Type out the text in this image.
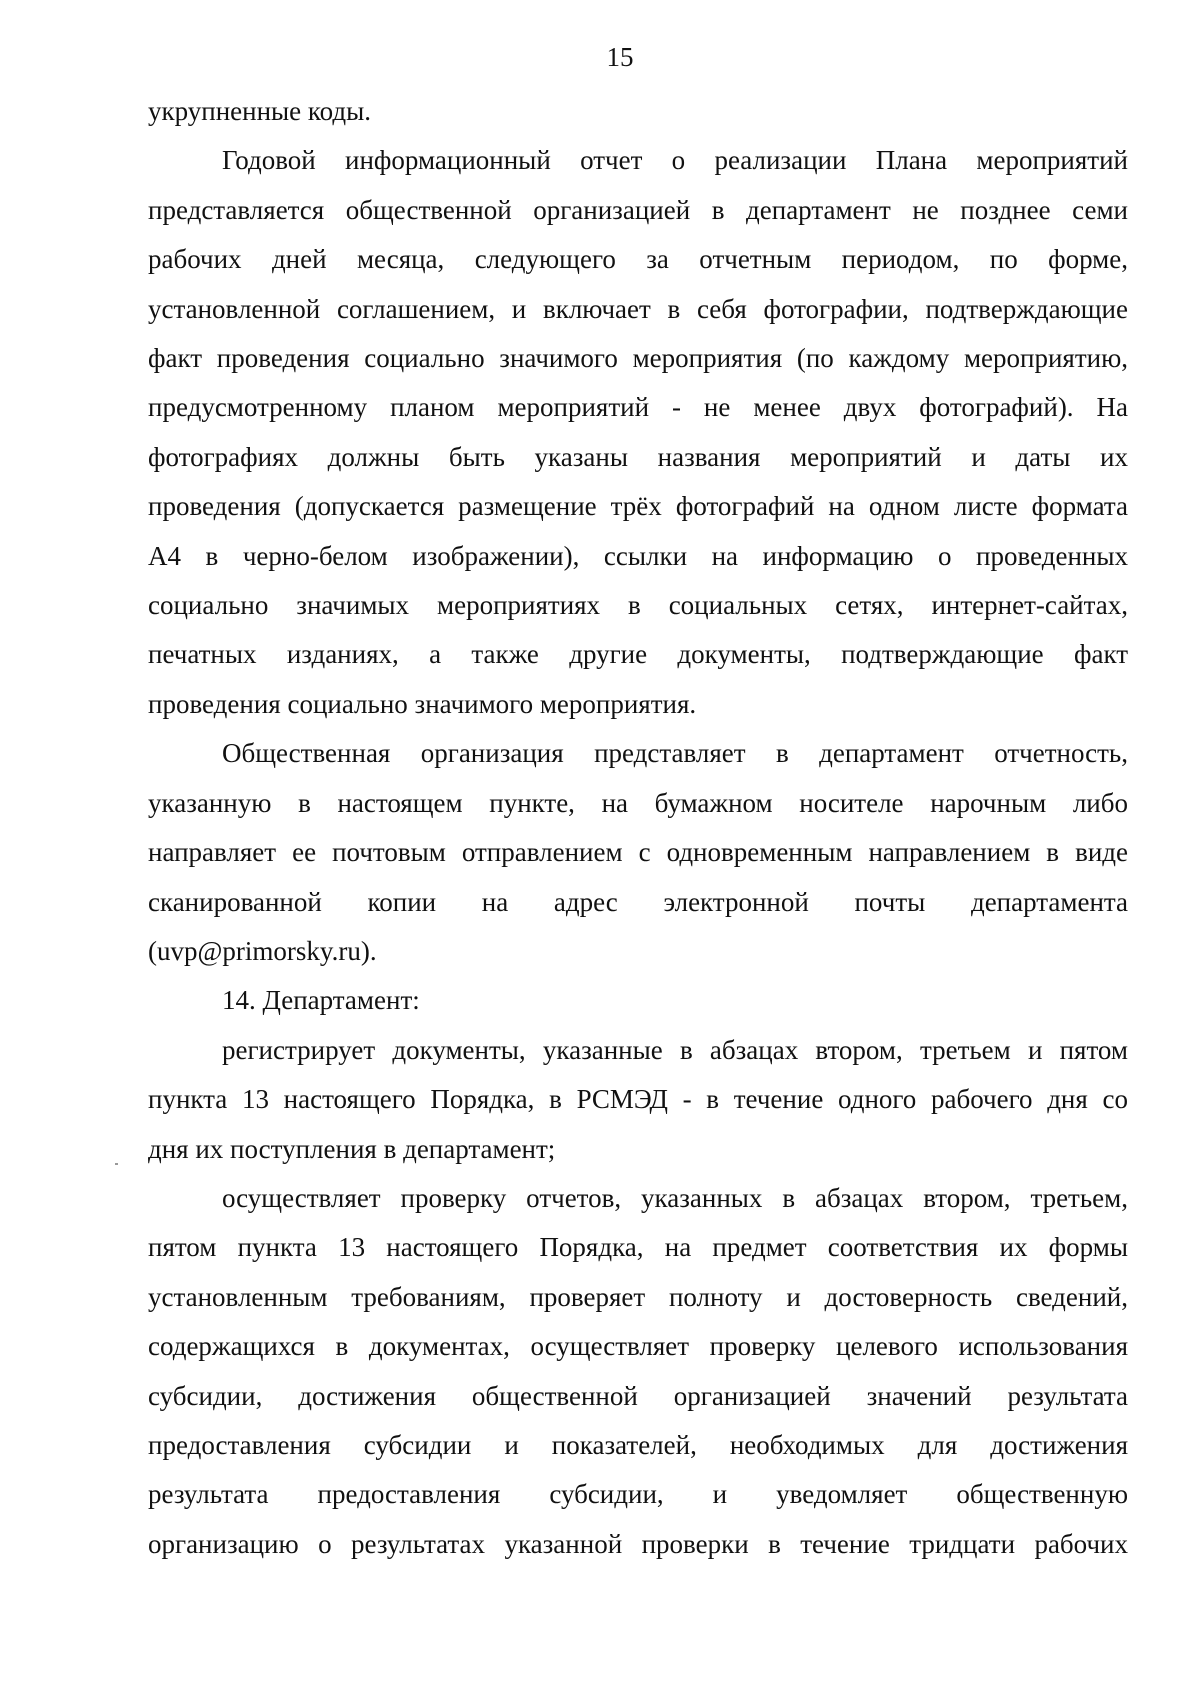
15
укрупненные коды.
Годовой информационный отчет о реализации Плана мероприятий
представляется общественной организацией в департамент не позднее семи
рабочих дней месяца, следующего за отчетным периодом, по форме,
установленной соглашением, и включает в себя фотографии, подтверждающие
факт проведения социально значимого мероприятия (по каждому мероприятию,
предусмотренному планом мероприятий - не менее двух фотографий). На
фотографиях должны быть указаны названия мероприятий и даты их
проведения (допускается размещение трёх фотографий на одном листе формата
А4 в черно-белом изображении), ссылки на информацию о проведенных
социально значимых мероприятиях в социальных сетях, интернет-сайтах,
печатных изданиях, а также другие документы, подтверждающие факт
проведения социально значимого мероприятия.
Общественная организация представляет в департамент отчетность,
указанную в настоящем пункте, на бумажном носителе нарочным либо
направляет ее почтовым отправлением с одновременным направлением в виде
сканированной копии на адрес электронной почты департамента
(uvp@primorsky.ru).
14. Департамент:
регистрирует документы, указанные в абзацах втором, третьем и пятом
пункта 13 настоящего Порядка, в РСМЭД - в течение одного рабочего дня со
дня их поступления в департамент;
осуществляет проверку отчетов, указанных в абзацах втором, третьем,
пятом пункта 13 настоящего Порядка, на предмет соответствия их формы
установленным требованиям, проверяет полноту и достоверность сведений,
содержащихся в документах, осуществляет проверку целевого использования
субсидии, достижения общественной организацией значений результата
предоставления субсидии и показателей, необходимых для достижения
результата предоставления субсидии, и уведомляет общественную
организацию о результатах указанной проверки в течение тридцати рабочих
